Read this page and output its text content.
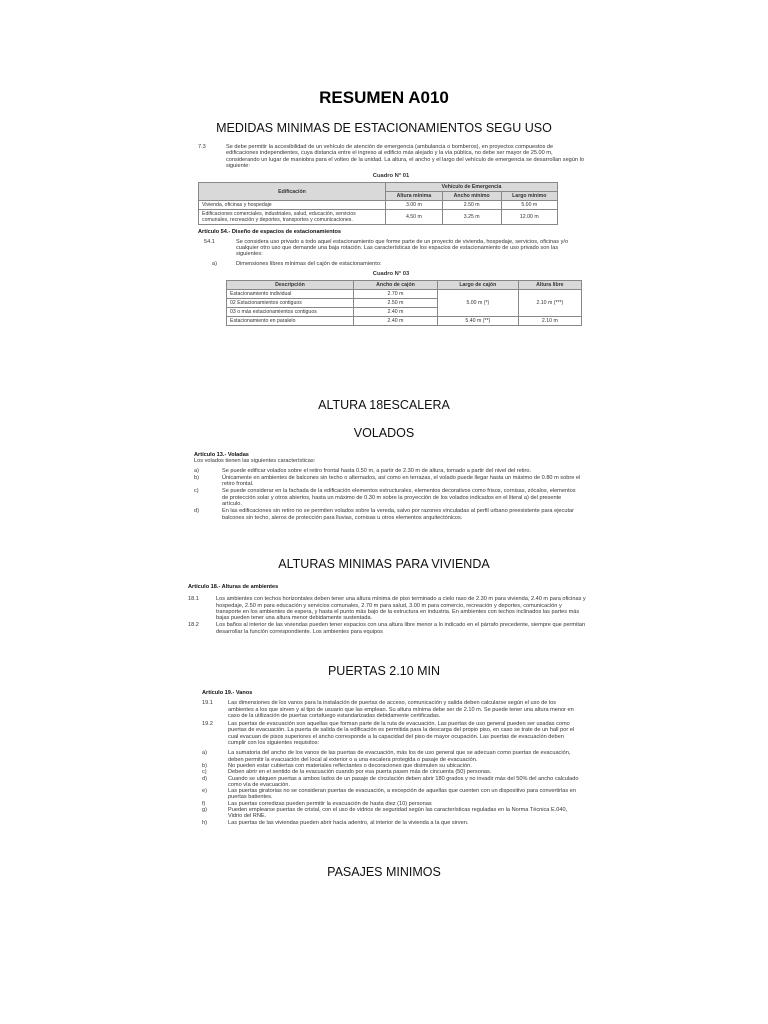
RESUMEN A010
MEDIDAS MINIMAS DE ESTACIONAMIENTOS SEGU USO
7.3	Se debe permitir la accesibilidad de un vehículo de atención de emergencia (ambulancia o bomberos), en proyectos compuestos de edificaciones independientes, cuya distancia entre el ingreso al edificio más alejado y la vía pública, no debe ser mayor de 25.00 m, considerando un lugar de maniobra para el volteo de la unidad. La altura, el ancho y el largo del vehículo de emergencia se desarrollan según lo siguiente:
Cuadro N° 01
Edificación	Vehículo de Emergencia		
	Altura mínima	Ancho mínimo	Largo mínimo
Vivienda, oficinas y hospedaje	3.00 m	2.50 m	5.00 m
Edificaciones comerciales, industriales, salud, educación, servicios comunales, recreación y deportes, transportes y comunicaciones.	4.50 m	3.25 m	12.00 m

Artículo 54.- Diseño de espacios de estacionamientos

54.1	Se considera uso privado a todo aquel estacionamiento que forme parte de un proyecto de vivienda, hospedaje, servicios, oficinas y/o cualquier otro uso que demande una baja rotación. Las características de los espacios de estacionamiento de uso privado son las siguientes:
a)	Dimensiones libres mínimas del cajón de estacionamiento:
Cuadro N° 03
Descripción	Ancho de cajón	Largo de cajón	Altura libre
Estacionamiento individual	2.70 m	5.00 m (*)	2.10 m (***)
02 Estacionamientos contiguos	2.50 m		
03 o más estacionamientos contiguos	2.40 m		
Estacionamiento en paralelo	2.40 m	5.40 m (**)	2.10 m
ALTURA 18ESCALERA
VOLADOS

Artículo 13.- Voladas

Los volados tienen las siguientes características:

a)	Se puede edificar volados sobre el retiro frontal hasta 0.50 m, a partir de 2.30 m de altura, tomado a partir del nivel del retiro.
b)	Únicamente en ambientes de balcones sin techo o alternados, así como en terrazas, el volado puede llegar hasta un máximo de 0.80 m sobre el retiro frontal.
c)	Se puede considerar en la fachada de la edificación elementos estructurales, elementos decorativos como frisos, cornisas, zócalos, elementos de protección solar y otros abiertos, hasta un máximo de 0.30 m sobre la proyección de los volados indicados en el literal a) del presente artículo.
d)	En las edificaciones sin retiro no se permiten volados sobre la vereda, salvo por razones vinculadas al perfil urbano preexistente para ejecutar balcones sin techo, aleros de protección para lluvias, cornisas u otros elementos arquitectónicos.
ALTURAS MINIMAS PARA VIVIENDA

Artículo 18.- Alturas de ambientes

18.1	Los ambientes con techos horizontales deben tener una altura mínima de piso terminado a cielo raso de 2.30 m para vivienda, 2.40 m para oficinas y hospedaje, 2.50 m para educación y servicios comunales, 2.70 m para salud, 3.00 m para comercio, recreación y deportes, comunicación y transporte en los ambientes de espera, y hasta el punto más bajo de la estructura en industria. En ambientes con techos inclinados las partes más bajas pueden tener una altura menor debidamente sustentada.
18.2	Los baños al interior de las viviendas pueden tener espacios con una altura libre menor a lo indicado en el párrafo precedente, siempre que permitan desarrollar la función correspondiente. Los ambientes para equipos
PUERTAS 2.10 MIN

Artículo 19.- Vanos

19.1	Las dimensiones de los vanos para la instalación de puertas de acceso, comunicación y salida deben calcularse según el uso de los ambientes a los que sirven y al tipo de usuario que las emplean. Su altura mínima debe ser de 2.10 m. Se puede tener una altura menor en caso de la utilización de puertas cortafuego estandarizadas debidamente certificadas.
19.2	Las puertas de evacuación son aquellas que forman parte de la ruta de evacuación. Las puertas de uso general pueden ser usadas como puertas de evacuación. La puerta de salida de la edificación es permitida para la descarga del propio piso, en caso se trate de un hall por el cual evacuan de pisos superiores el ancho corresponde a la capacidad del piso de mayor ocupación. Las puertas de evacuación deben cumplir con los siguientes requisitos:
a)	La sumatoria del ancho de los vanos de las puertas de evacuación, más los de uso general que se adecuan como puertas de evacuación, deben permitir la evacuación del local al exterior o a una escalera protegida o pasaje de evacuación.
b)	No pueden estar cubiertas con materiales reflectantes o decoraciones que disimulen su ubicación.
c)	Deben abrir en el sentido de la evacuación cuando por esa puerta pasen más de cincuenta (50) personas.
d)	Cuando se ubiquen puertas a ambos lados de un pasaje de circulación deben abrir 180 grados y no invadir más del 50% del ancho calculado como vía de evacuación.
e)	Las puertas giratorias no se consideran puertas de evacuación, a excepción de aquellas que cuenten con un dispositivo para convertirlas en puertas batientes.
f)	Las puertas corredizas pueden permitir la evacuación de hasta diez (10) personas
g)	Pueden emplearse puertas de cristal, con el uso de vidrios de seguridad según las características reguladas en la Norma Técnica E.040, Vidrio del RNE.
h)	Las puertas de las viviendas pueden abrir hacia adentro, al interior de la vivienda a la que sirven.
PASAJES MINIMOS
